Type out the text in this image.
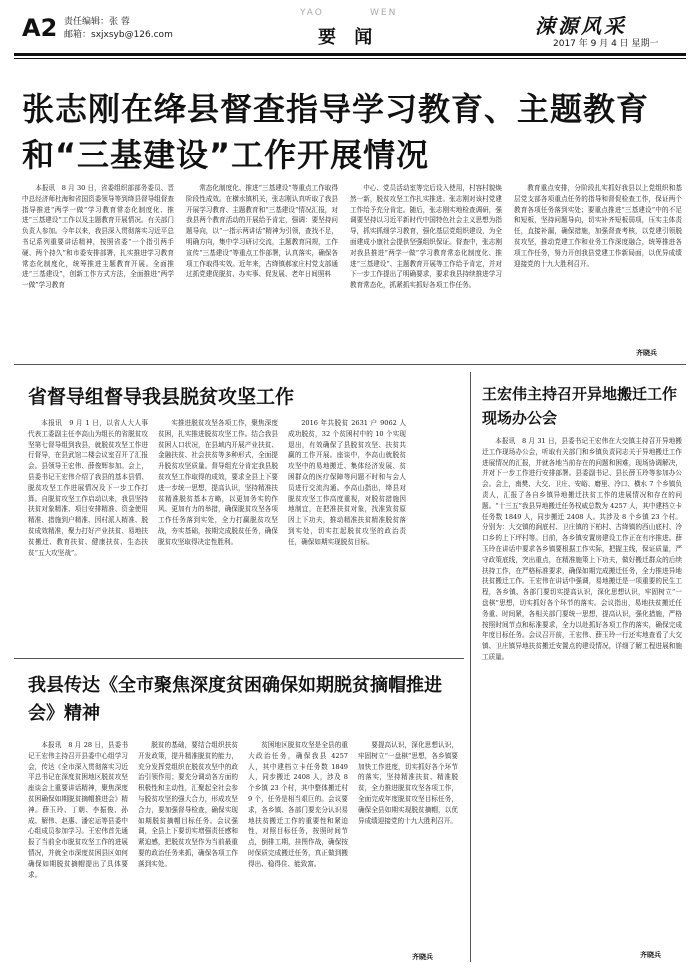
A2 责任编辑：张 蓉
邮箱：sxjxsyb@126.com
YAO	WEN
要 闻	涑源风采
2017 年 9 月 4 日 星期一
张志刚在绛县督查指导学习教育、主题教育和“三基建设”工作开展情况

本报讯　8 月 30 日，省委组织部部务委员、晋中总经济师杜海和省国资委领导等到绛县督导组督查指导推进“两学一做”学习教育常态化制度化、推进“三基建设”工作以及主题教育开展情况。有关部门负责人参加。今年以来，我县深入贯彻落实习近平总书记系列重要讲话精神，按照省委“一个指引两手硬、两个持久”和市委安排部署，扎实推进学习教育常态化制度化，统筹推进主题教育开展。全面推进“三基建设”，创新工作方式方法，全面推进“两学一做”学习教育

常态化制度化、推进“三基建设”等重点工作取得阶段性成效。在横水镇机关，张志刚认真听取了我县开展学习教育、主题教育和“三基建设”情况汇报，对我县两个教育活动的开展给予肯定，强调：要坚持问题导向，以“一指示两讲话”精神为引领，查找不足，明确方向，集中学习研讨交流，主题教育同规，工作宣传“三基建设”等重点工作部署，认真落实，确保各项工作取得实效。近年来，古绛镇郝家庄村党支部通过抓党建促脱贫、办实事、促发展、老年日间照料

中心、党员活动室等完后设入使用，村容村貌焕然一新，脱贫攻坚工作扎实推进。张志刚对该村党建工作给予充分肯定。随后，张志刚实地检查调研，强调要坚持以习近平新时代中国特色社会主义思想为指导，抓实抓细学习教育，强化基层党组织建设，为全面建成小康社会提供坚强组织保证。督查中，张志刚对我县推进“两学一做”学习教育常态化制度化、推进“三基建设”、主题教育开展等工作给予肯定，并对下一步工作提出了明确要求，要求我县持续推进学习教育常态化，抓紧抓实抓好各项工作任务。

教育重点安排，分阶段扎实抓好我县以上党组织和基层党支部各项重点任务的指导和督促检查工作，保证两个教育各项任务落到实处；要重点推进“三基建设”中的不足和短板，坚持问题导向，切实补齐短板弱项，压实主体责任，直接补漏，确保措施，加强督查考核，以党建引领脱贫攻坚，推动党建工作和业务工作深度融合，统筹推进各项工作任务，努力开创我县党建工作新局面，以优异成绩迎接党的十九大胜利召开。

齐晓兵
省督导组督导我县脱贫攻坚工作

本报讯　9 月 1 日，以省人大人事代表工委副主任李高山为组长的省脱贫攻坚第七督导组到我县，就脱贫攻坚工作进行督导，在县武馆二楼会议室召开了汇报会。县领导王宏伟、薛俊辉参加。会上，县委书记王宏伟介绍了我县的基本县情、脱贫攻坚工作进展情况及下一步工作打算。自脱贫攻坚工作启动以来，我县坚持扶贫对象精准、项目安排精准、资金使用精准、措施到户精准、因村派人精准、脱贫成效精准，聚力打好产业扶贫、易地扶贫搬迁、教育扶贫、健康扶贫、生态扶贫“五大攻坚战”。

实推进脱贫攻坚各项工作，聚焦深度贫困，扎实推进脱贫攻坚工作。结合我县贫困人口状况，在县域内开展产业扶贫、金融扶贫、社会扶贫等多种形式，全面提升脱贫攻坚质量。督导组充分肯定我县脱贫攻坚工作取得的成效，要求全县上下要进一步统一思想，提高认识，坚持精准扶贫精准脱贫基本方略，以更加务实的作风、更加有力的举措，确保脱贫攻坚各项工作任务落到实处，全力打赢脱贫攻坚战，夯实基础，按期完成脱贫任务，确保脱贫攻坚取得决定性胜利。

2016 年共脱贫 2631 户 9062 人成功脱贫，32 个贫困村中的 10 个实现退出，有效确保了县脱贫攻坚、扶贫共赢的工作开展。座谈中，李高山就脱贫攻坚中的易地搬迁、集体经济发展、贫困群众的医疗保障等问题不时和与会人员进行交流沟通。李高山指出，绛县对脱贫攻坚工作高度重视，对脱贫措施因地制宜，在把准扶贫对象，找准致贫原因上下功夫，推动精准扶贫精准脱贫落到实处，切实扛起脱贫攻坚的政治责任，确保如期实现脱贫目标。

王宏伟主持召开异地搬迁工作现场办公会

本报讯　8 月 31 日，县委书记王宏伟在大交镇主持召开异地搬迁工作现场办公会，听取有关部门和乡镇负责同志关于异地搬迁工作进展情况的汇报，并就各地当前存在的问题和困难，现场协调解决，并对下一步工作进行安排部署。县委副书记、县长薛玉玲等参加办公会。会上，南樊、大交、卫庄、安峪、磨里、冷口、横水 7 个乡镇负责人，汇报了各自乡镇异地搬迁扶贫工作的进展情况和存在的问题。“十三五”我县异地搬迁任务权威总数为 4257 人，其中建档立卡任务数 1849 人，同步搬迁 2408 人。共涉及 8 个乡镇 23 个村。分别为：大交镇的涧底村、卫庄镇的下柏村、古绛镇的西山底村、冷口乡的上下坪村等。目前，各乡镇安置房建设工作正在有序推进。薛玉玲在讲话中要求各乡镇要根据工作实际，把握主线，保证质量，严守政策底线，突出重点，在精准施策上下功夫，做好搬迁群众的后续扶持工作，在严格标准要求，确保如期完成搬迁任务，全力推进异地扶贫搬迁工作。王宏伟在讲话中强调，易地搬迁是一项重要的民生工程，各乡镇、各部门要切实提高认识，深化思想认识，牢固树立“一盘棋”思想，切实抓好各个环节的落实。会议指出，易地扶贫搬迁任务重、时间紧，各相关部门要统一思想，提高认识，强化措施，严格按照时间节点和标准要求，全力以赴抓好各项工作的落实，确保完成年度目标任务。会议召开前，王宏伟、薛玉玲一行还实地查看了大交镇、卫庄镇异地扶贫搬迁安置点的建设情况，详细了解工程进展和施工质量。

齐晓兵
我县传达《全市聚焦深度贫困确保如期脱贫摘帽推进会》精神

本报讯　8 月 28 日，县委书记王宏伟主持召开县委中心组学习会，传达《全市深入贯彻落实习近平总书记在深度贫困地区脱贫攻坚座谈会上重要讲话精神，聚焦深度贫困确保如期脱贫摘帽推进会》精神。薛玉玲、丁朝、李振俊、孙成、解伟、赵惠、潘宏运等县委中心组成员参加学习。王宏伟首先通报了当前全市脱贫攻坚工作的进展情况，并就全市深度贫困县区如何确保如期脱贫摘帽提出了具体要求。

脱贫的基础，要结合组织扶贫开发政策，提升精准脱贫的能力，充分发挥党组织在脱贫攻坚中的政治引领作用；要充分调动各方面的积极性和主动性，汇聚起全社会参与脱贫攻坚的强大合力，形成攻坚合力，要加强督导检查，确保实现如期脱贫摘帽目标任务。会议强调，全县上下要切实增强责任感和紧迫感，把脱贫攻坚作为当前最重要的政治任务来抓，确保各项工作落到实处。

贫困地区脱贫攻坚是全县的重大政治任务，确保我县 4257 人，其中建档立卡任务数 1849 人，同步搬迁 2408 人，涉及 8 个乡镇 23 个村，其中整体搬迁村 9 个，任务是相当艰巨的。会议要求，各乡镇、各部门要充分认识易地扶贫搬迁工作的重要性和紧迫性，对照目标任务，按照时间节点，倒排工期，挂图作战，确保按时保质完成搬迁任务，真正做到搬得出、稳得住、能致富。

要提高认识，深化思想认识，牢固树立“一盘棋”思想，各乡镇要加快工作进度，切实抓好各个环节的落实，坚持精准扶贫、精准脱贫，全力推进脱贫攻坚各项工作，全面完成年度脱贫攻坚目标任务，确保全县如期实现脱贫摘帽，以优异成绩迎接党的十九大胜利召开。

齐晓兵
